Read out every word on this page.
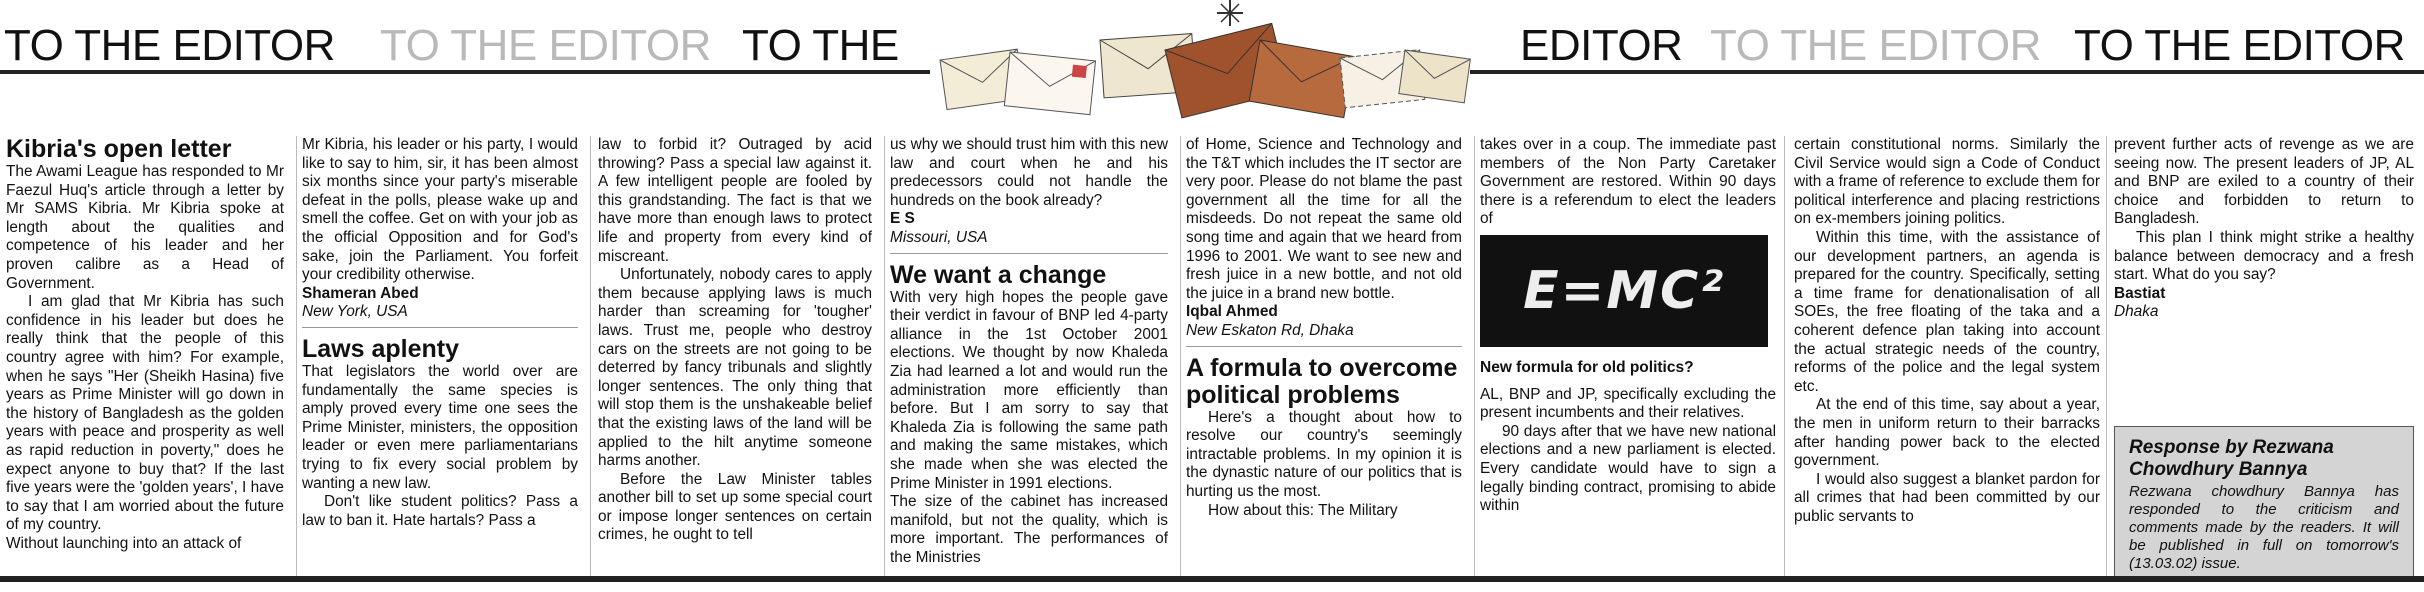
TO THE EDITOR TO THE EDITOR TO THE	EDITOR TO THE EDITOR TO THE EDITOR
Kibria's open letter

The Awami League has responded to Mr Faezul Huq's article through a letter by Mr SAMS Kibria. Mr Kibria spoke at length about the qualities and competence of his leader and her proven calibre as a Head of Government.

I am glad that Mr Kibria has such confidence in his leader but does he really think that the people of this country agree with him? For example, when he says "Her (Sheikh Hasina) five years as Prime Minister will go down in the history of Bangladesh as the golden years with peace and prosperity as well as rapid reduction in poverty," does he expect anyone to buy that? If the last five years were the 'golden years', I have to say that I am worried about the future of my country.

Without launching into an attack of

Mr Kibria, his leader or his party, I would like to say to him, sir, it has been almost six months since your party's miserable defeat in the polls, please wake up and smell the coffee. Get on with your job as the official Opposition and for God's sake, join the Parliament. You forfeit your credibility otherwise.

Shameran Abed

New York, USA

Laws aplenty

That legislators the world over are fundamentally the same species is amply proved every time one sees the Prime Minister, ministers, the opposition leader or even mere parliamentarians trying to fix every social problem by wanting a new law.

Don't like student politics? Pass a law to ban it. Hate hartals? Pass a

law to forbid it? Outraged by acid throwing? Pass a special law against it. A few intelligent people are fooled by this grandstanding. The fact is that we have more than enough laws to protect life and property from every kind of miscreant.

Unfortunately, nobody cares to apply them because applying laws is much harder than screaming for 'tougher' laws. Trust me, people who destroy cars on the streets are not going to be deterred by fancy tribunals and slightly longer sentences. The only thing that will stop them is the unshakeable belief that the existing laws of the land will be applied to the hilt anytime someone harms another.

Before the Law Minister tables another bill to set up some special court or impose longer sentences on certain crimes, he ought to tell

us why we should trust him with this new law and court when he and his predecessors could not handle the hundreds on the book already?

E S

Missouri, USA

We want a change

With very high hopes the people gave their verdict in favour of BNP led 4-party alliance in the 1st October 2001 elections. We thought by now Khaleda Zia had learned a lot and would run the administration more efficiently than before. But I am sorry to say that Khaleda Zia is following the same path and making the same mistakes, which she made when she was elected the Prime Minister in 1991 elections.

The size of the cabinet has increased manifold, but not the quality, which is more important. The performances of the Ministries

of Home, Science and Technology and the T&T which includes the IT sector are very poor. Please do not blame the past government all the time for all the misdeeds. Do not repeat the same old song time and again that we heard from 1996 to 2001. We want to see new and fresh juice in a new bottle, and not old the juice in a brand new bottle.

Iqbal Ahmed

New Eskaton Rd, Dhaka

A formula to overcome political problems

Here's a thought about how to resolve our country's seemingly intractable problems. In my opinion it is the dynastic nature of our politics that is hurting us the most.

How about this: The Military

takes over in a coup. The immediate past members of the Non Party Caretaker Government are restored. Within 90 days there is a referendum to elect the leaders of

E=MC²

New formula for old politics?

AL, BNP and JP, specifically excluding the present incumbents and their relatives.

90 days after that we have new national elections and a new parliament is elected. Every candidate would have to sign a legally binding contract, promising to abide within

certain constitutional norms. Similarly the Civil Service would sign a Code of Conduct with a frame of reference to exclude them for political interference and placing restrictions on ex-members joining politics.

Within this time, with the assistance of our development partners, an agenda is prepared for the country. Specifically, setting a time frame for denationalisation of all SOEs, the free floating of the taka and a coherent defence plan taking into account the actual strategic needs of the country, reforms of the police and the legal system etc.

At the end of this time, say about a year, the men in uniform return to their barracks after handing power back to the elected government.

I would also suggest a blanket pardon for all crimes that had been committed by our public servants to

prevent further acts of revenge as we are seeing now. The present leaders of JP, AL and BNP are exiled to a country of their choice and forbidden to return to Bangladesh.

This plan I think might strike a healthy balance between democracy and a fresh start. What do you say?

Bastiat

Dhaka

Response by Rezwana Chowdhury Bannya

Rezwana chowdhury Bannya has responded to the criticism and comments made by the readers. It will be published in full on tomorrow's (13.03.02) issue.
